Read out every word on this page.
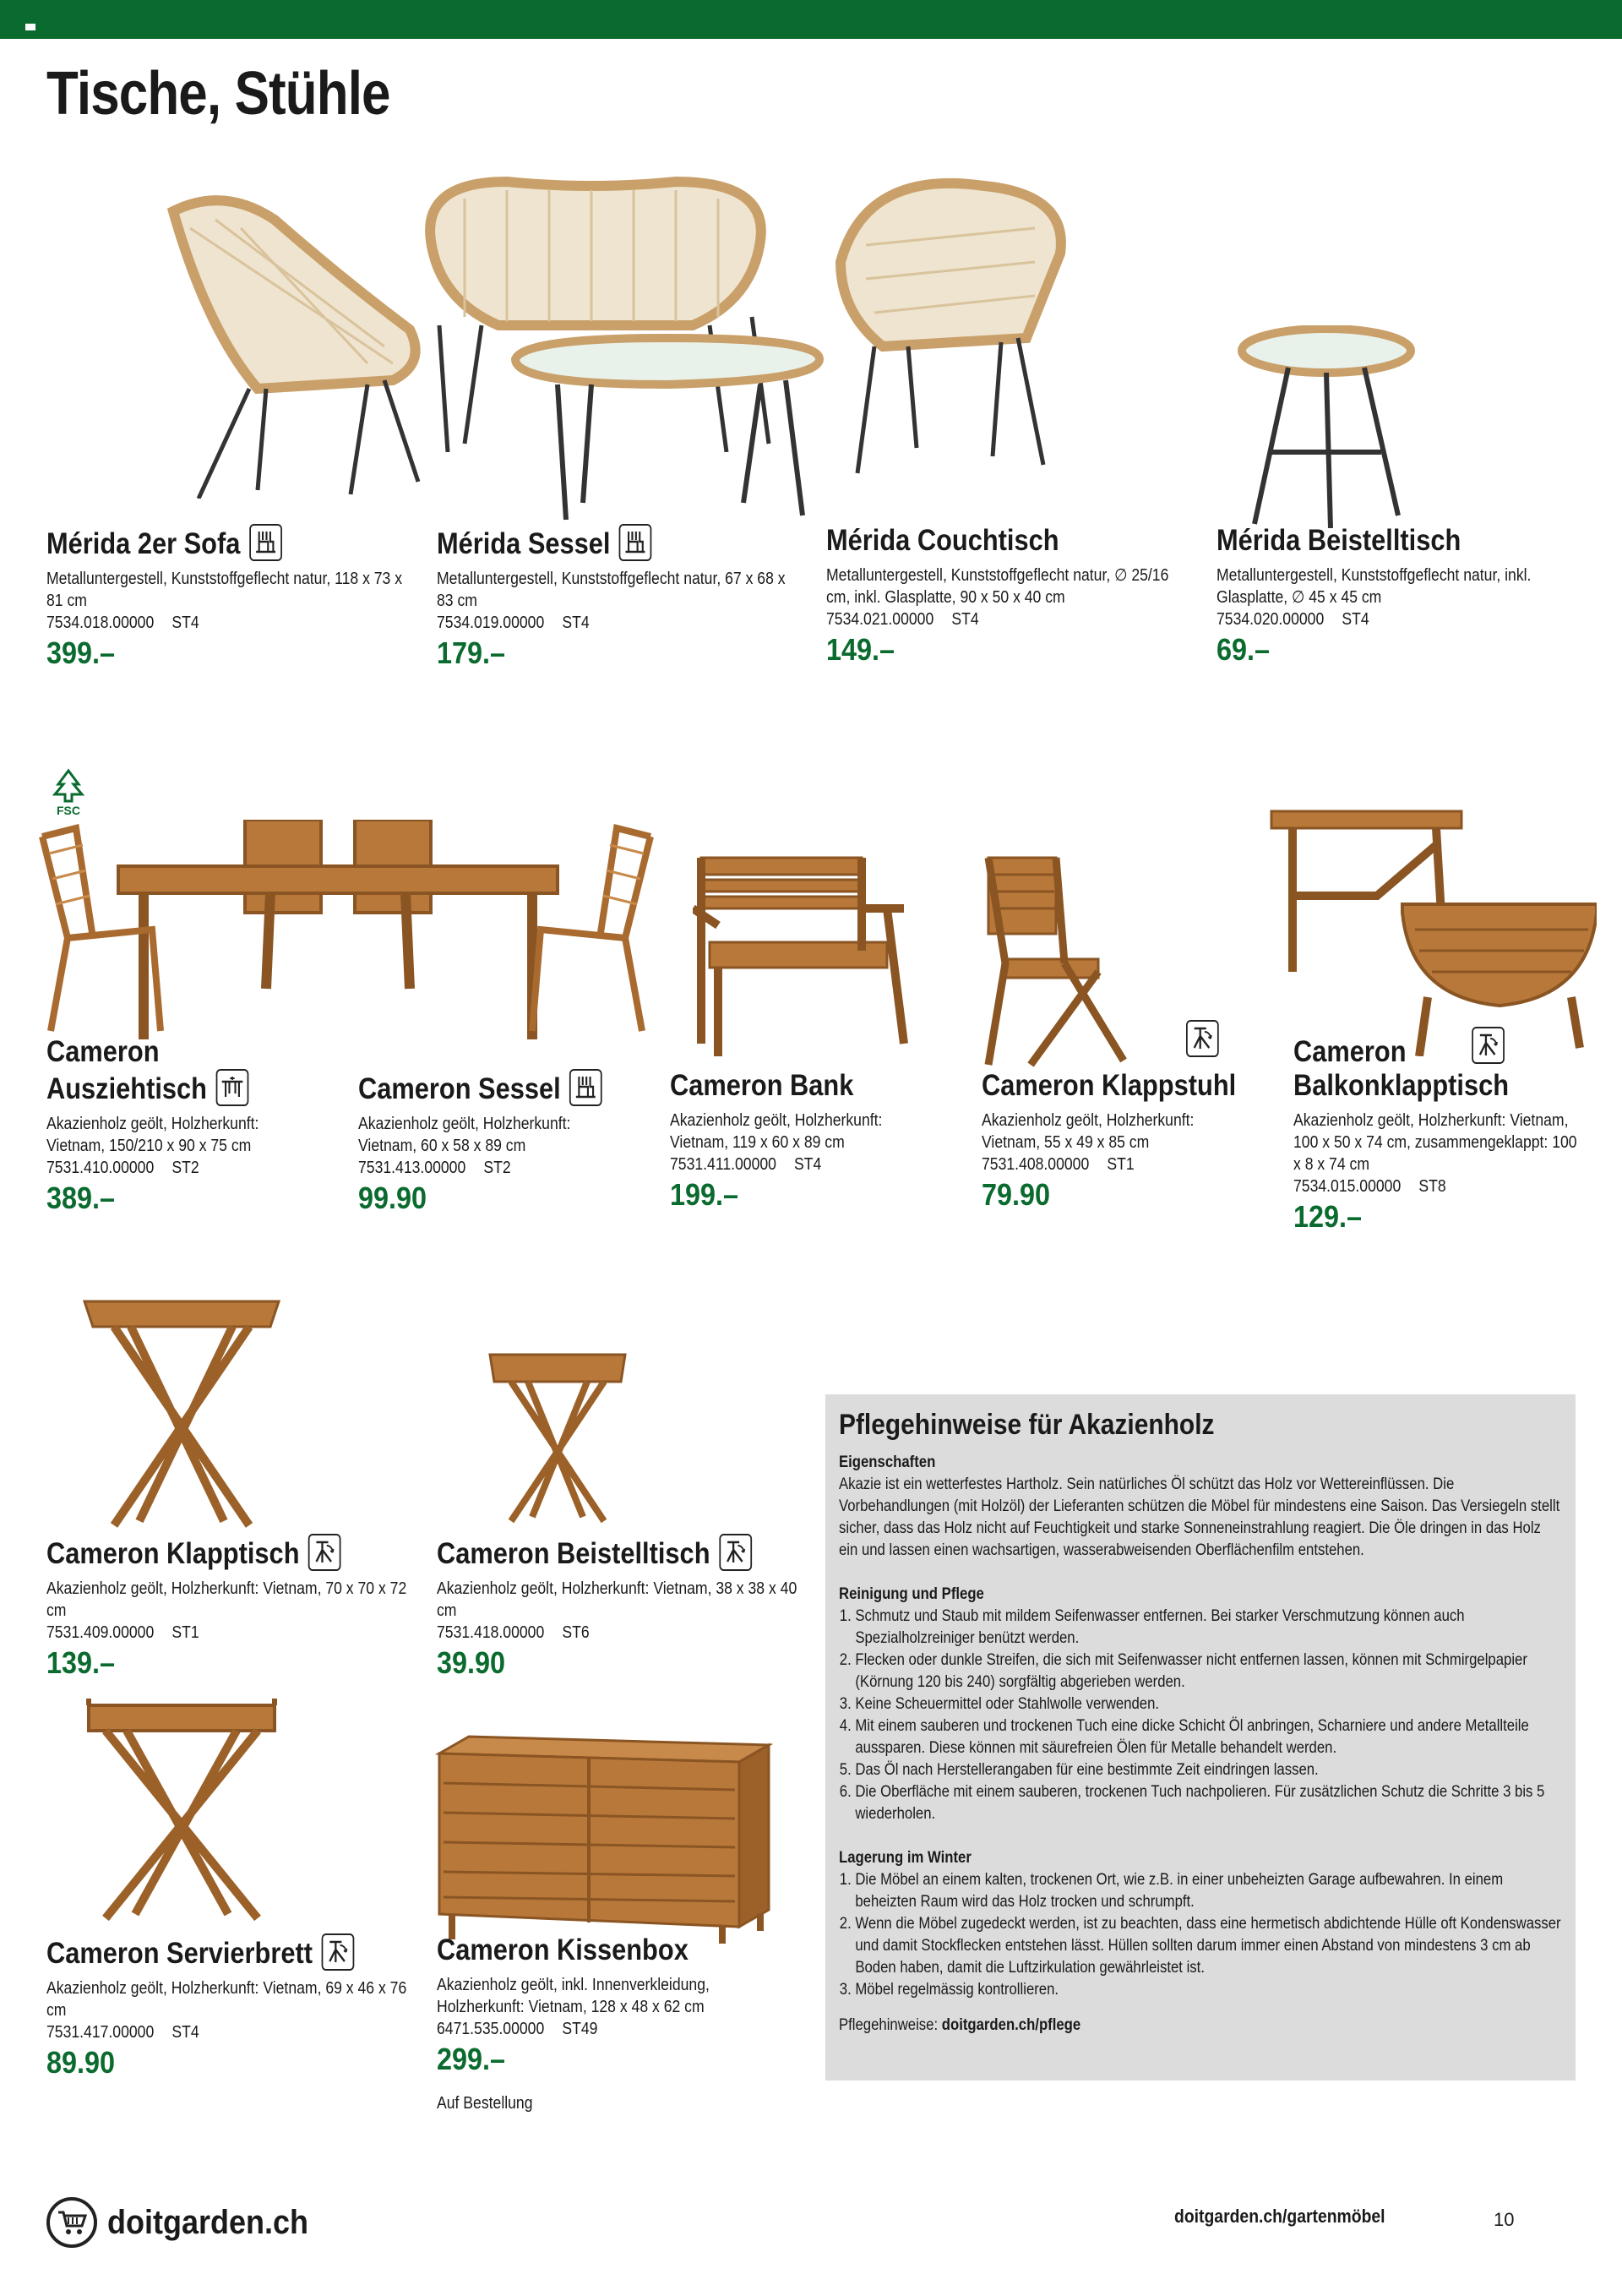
Tische, Stühle
Mérida 2er Sofa
Metalluntergestell, Kunststoffgeflecht natur, 118 x 73 x 81 cm
7534.018.00000 ST4
399.–
Mérida Sessel
Metalluntergestell, Kunststoffgeflecht natur, 67 x 68 x 83 cm
7534.019.00000 ST4
179.–
Mérida Couchtisch
Metalluntergestell, Kunststoffgeflecht natur, ∅ 25/16 cm, inkl. Glasplatte, 90 x 50 x 40 cm
7534.021.00000 ST4
149.–
Mérida Beistelltisch
Metalluntergestell, Kunststoffgeflecht natur, inkl. Glasplatte, ∅ 45 x 45 cm
7534.020.00000 ST4
69.–
FSC
Cameron
Ausziehtisch
Akazienholz geölt, Holzherkunft: Vietnam, 150/210 x 90 x 75 cm
7531.410.00000 ST2
389.–
Cameron Sessel
Akazienholz geölt, Holzherkunft: Vietnam, 60 x 58 x 89 cm
7531.413.00000 ST2
99.90
Cameron Bank
Akazienholz geölt, Holzherkunft: Vietnam, 119 x 60 x 89 cm
7531.411.00000 ST4
199.–
Cameron Klappstuhl
Akazienholz geölt, Holzherkunft: Vietnam, 55 x 49 x 85 cm
7531.408.00000 ST1
79.90
Cameron
Balkonklapptisch
Akazienholz geölt, Holzherkunft: Vietnam, 100 x 50 x 74 cm, zusammengeklappt: 100 x 8 x 74 cm
7534.015.00000 ST8
129.–
Cameron Klapptisch
Akazienholz geölt, Holzherkunft: Vietnam, 70 x 70 x 72 cm
7531.409.00000 ST1
139.–
Cameron Beistelltisch
Akazienholz geölt, Holzherkunft: Vietnam, 38 x 38 x 40 cm
7531.418.00000 ST6
39.90
Cameron Servierbrett
Akazienholz geölt, Holzherkunft: Vietnam, 69 x 46 x 76 cm
7531.417.00000 ST4
89.90
Cameron Kissenbox
Akazienholz geölt, inkl. Innenverkleidung, Holzherkunft: Vietnam, 128 x 48 x 62 cm
6471.535.00000 ST49
299.–
Auf Bestellung
Pflegehinweise für Akazienholz
Eigenschaften

Akazie ist ein wetterfestes Hartholz. Sein natürliches Öl schützt das Holz vor Wettereinflüssen. Die Vorbehandlungen (mit Holzöl) der Lieferanten schützen die Möbel für mindestens eine Saison. Das Versiegeln stellt sicher, dass das Holz nicht auf Feuchtigkeit und starke Sonneneinstrahlung reagiert. Die Öle dringen in das Holz ein und lassen einen wachsartigen, wasserabweisenden Oberflächenfilm entstehen.

Reinigung und Pflege
1. Schmutz und Staub mit mildem Seifenwasser entfernen. Bei starker Verschmutzung können auch Spezialholzreiniger benützt werden.
2. Flecken oder dunkle Streifen, die sich mit Seifenwasser nicht entfernen lassen, können mit Schmirgelpapier (Körnung 120 bis 240) sorgfältig abgerieben werden.
3. Keine Scheuermittel oder Stahlwolle verwenden.
4. Mit einem sauberen und trockenen Tuch eine dicke Schicht Öl anbringen, Scharniere und andere Metallteile aussparen. Diese können mit säurefreien Ölen für Metalle behandelt werden.
5. Das Öl nach Herstellerangaben für eine bestimmte Zeit eindringen lassen.
6. Die Oberfläche mit einem sauberen, trockenen Tuch nachpolieren. Für zusätzlichen Schutz die Schritte 3 bis 5 wiederholen.
Lagerung im Winter
1. Die Möbel an einem kalten, trockenen Ort, wie z.B. in einer unbeheizten Garage aufbewahren. In einem beheizten Raum wird das Holz trocken und schrumpft.
2. Wenn die Möbel zugedeckt werden, ist zu beachten, dass eine hermetisch abdichtende Hülle oft Kondenswasser und damit Stockflecken entstehen lässt. Hüllen sollten darum immer einen Abstand von mindestens 3 cm ab Boden haben, damit die Luftzirkulation gewährleistet ist.
3. Möbel regelmässig kontrollieren.
Pflegehinweise: doitgarden.ch/pflege
doitgarden.ch	doitgarden.ch/gartenmöbel	10
